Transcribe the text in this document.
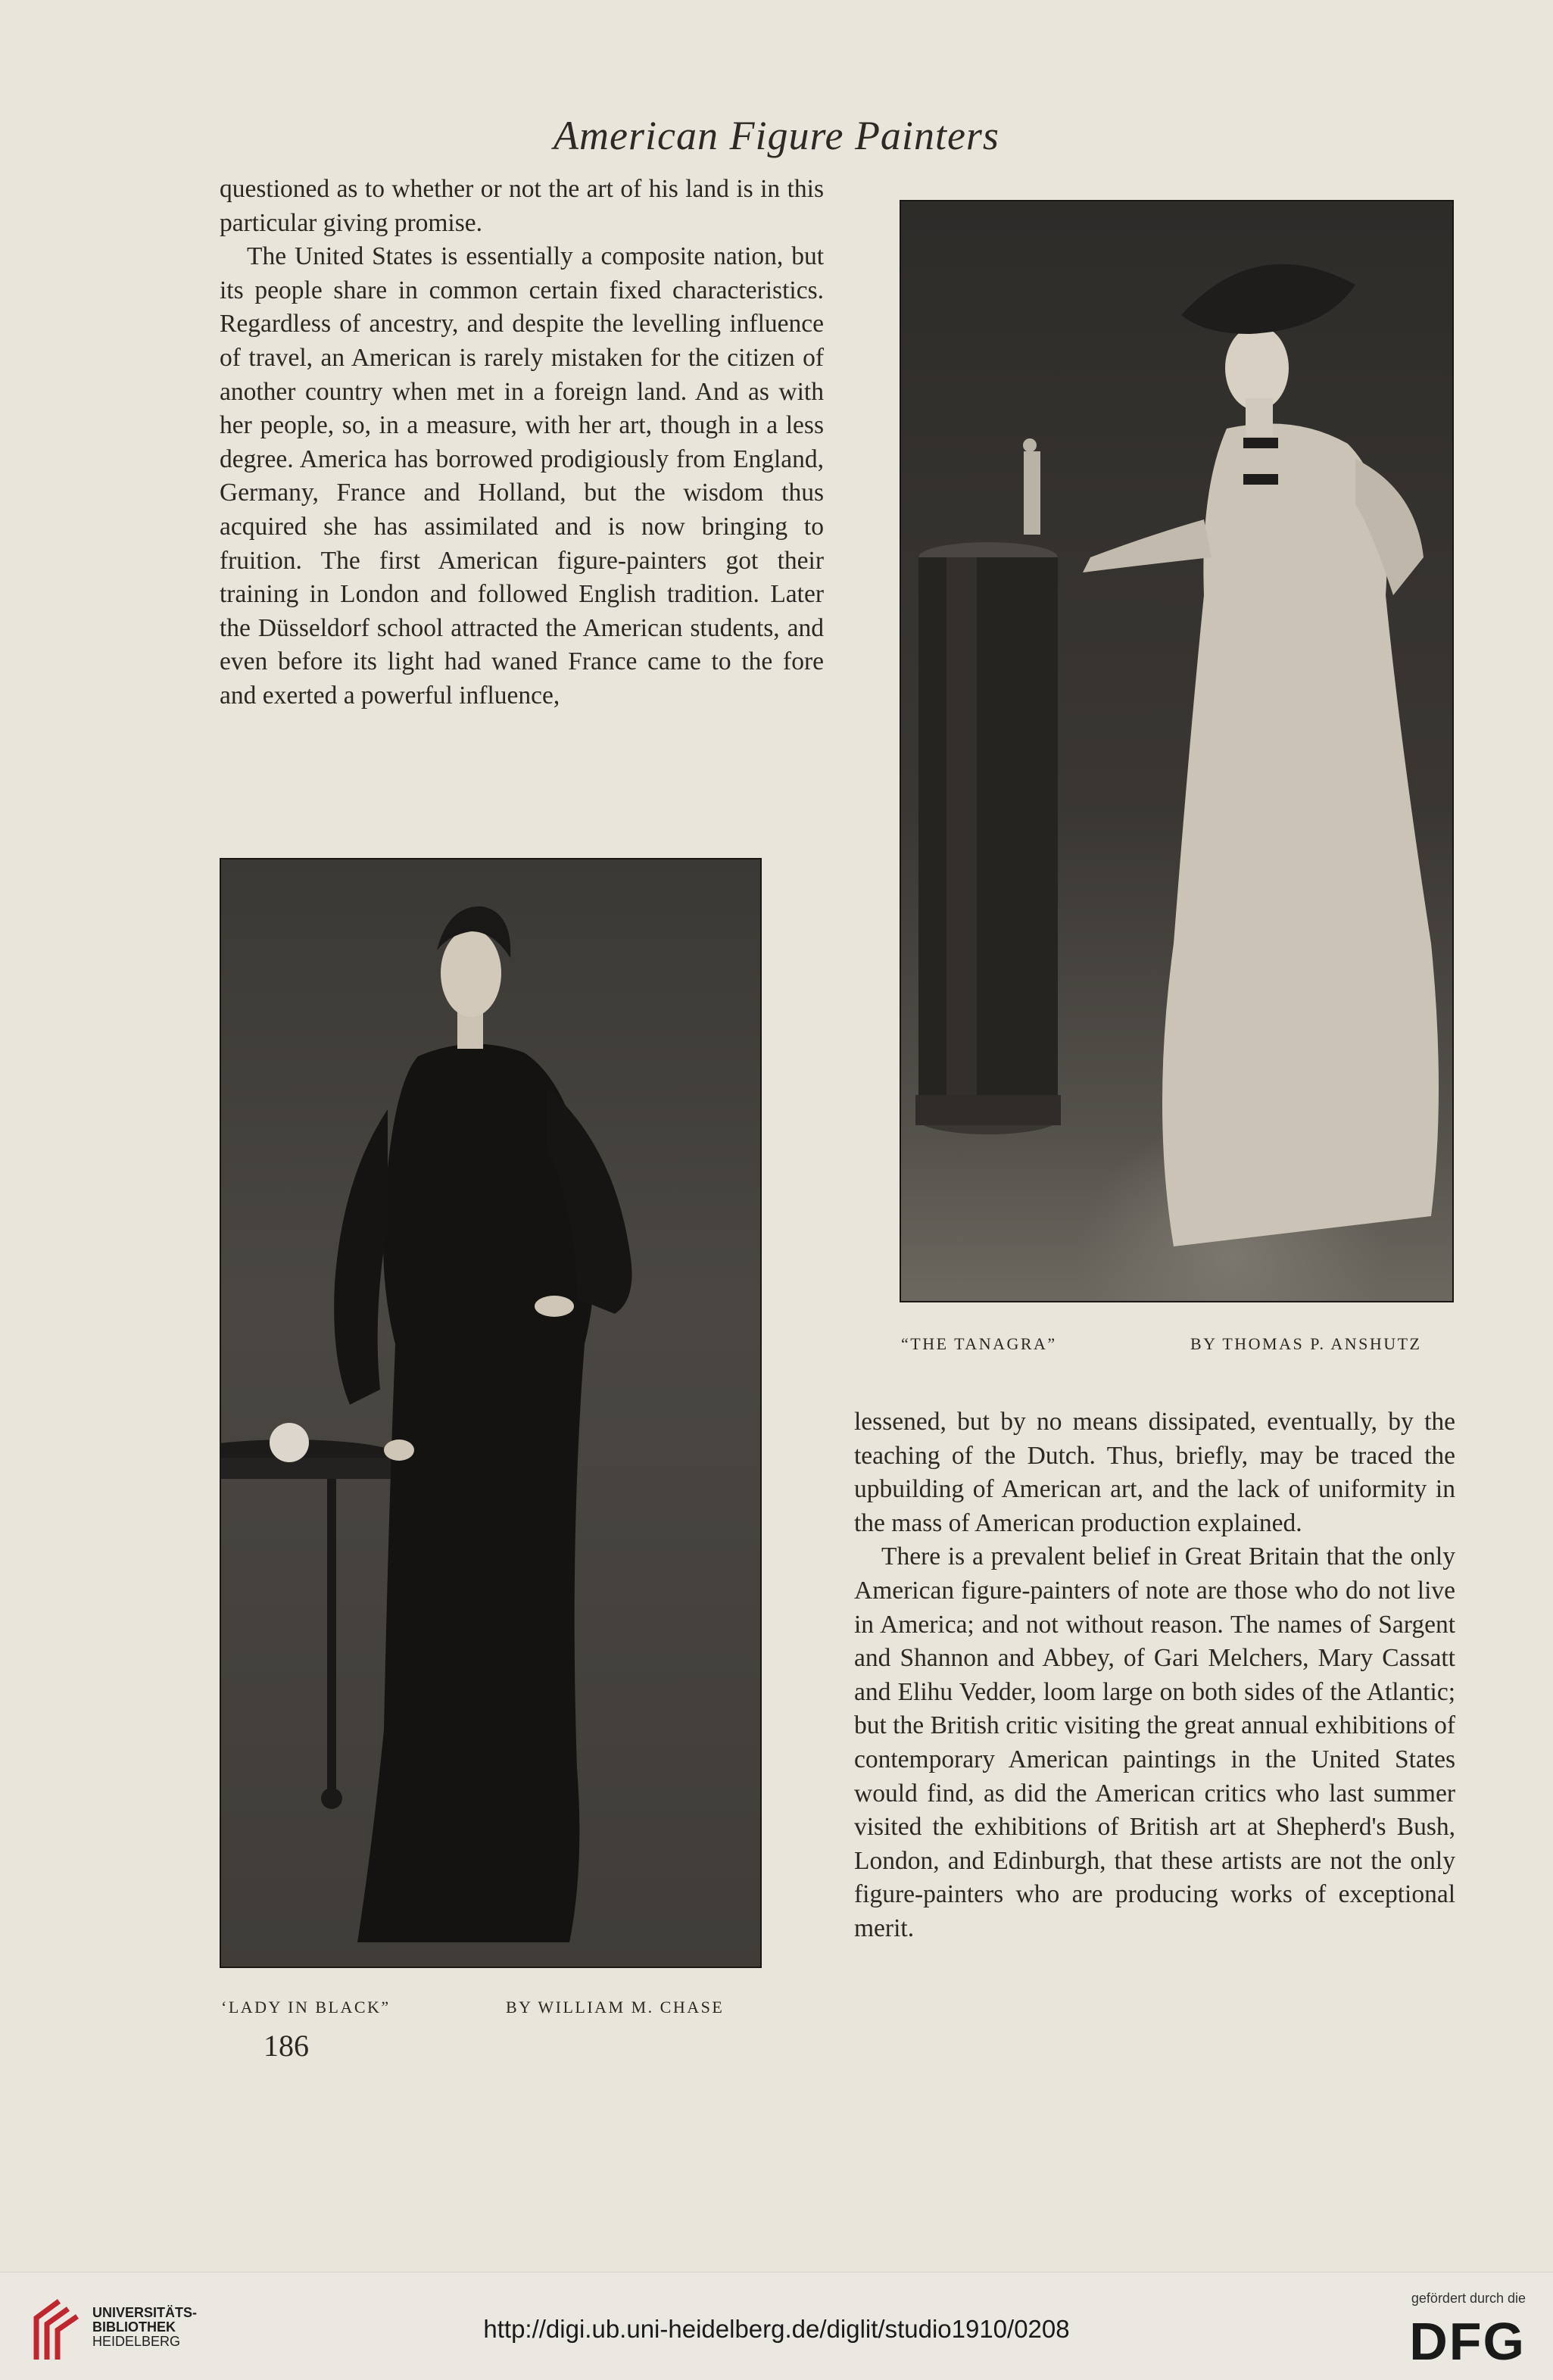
American Figure Painters

questioned as to whether or not the art of his land is in this particular giving promise.

The United States is essentially a composite nation, but its people share in common certain fixed characteristics. Regardless of ancestry, and despite the levelling influence of travel, an American is rarely mistaken for the citizen of another country when met in a foreign land. And as with her people, so, in a measure, with her art, though in a less degree. America has borrowed prodigiously from England, Germany, France and Holland, but the wisdom thus acquired she has assimilated and is now bringing to fruition. The first American figure-painters got their training in London and followed English tradition. Later the Düsseldorf school attracted the American students, and even before its light had waned France came to the fore and exerted a powerful influence,

“THE TANAGRA”	BY THOMAS P. ANSHUTZ
‘LADY IN BLACK”	BY WILLIAM M. CHASE

lessened, but by no means dissipated, eventually, by the teaching of the Dutch. Thus, briefly, may be traced the upbuilding of American art, and the lack of uniformity in the mass of American production explained.

There is a prevalent belief in Great Britain that the only American figure-painters of note are those who do not live in America; and not without reason. The names of Sargent and Shannon and Abbey, of Gari Melchers, Mary Cassatt and Elihu Vedder, loom large on both sides of the Atlantic; but the British critic visiting the great annual exhibitions of contemporary American paintings in the United States would find, as did the American critics who last summer visited the exhibitions of British art at Shepherd's Bush, London, and Edinburgh, that these artists are not the only figure-painters who are producing works of exceptional merit.

186
UNIVERSITÄTS-
BIBLIOTHEK
HEIDELBERG	http://digi.ub.uni-heidelberg.de/diglit/studio1910/0208
gefördert durch die
DFG
